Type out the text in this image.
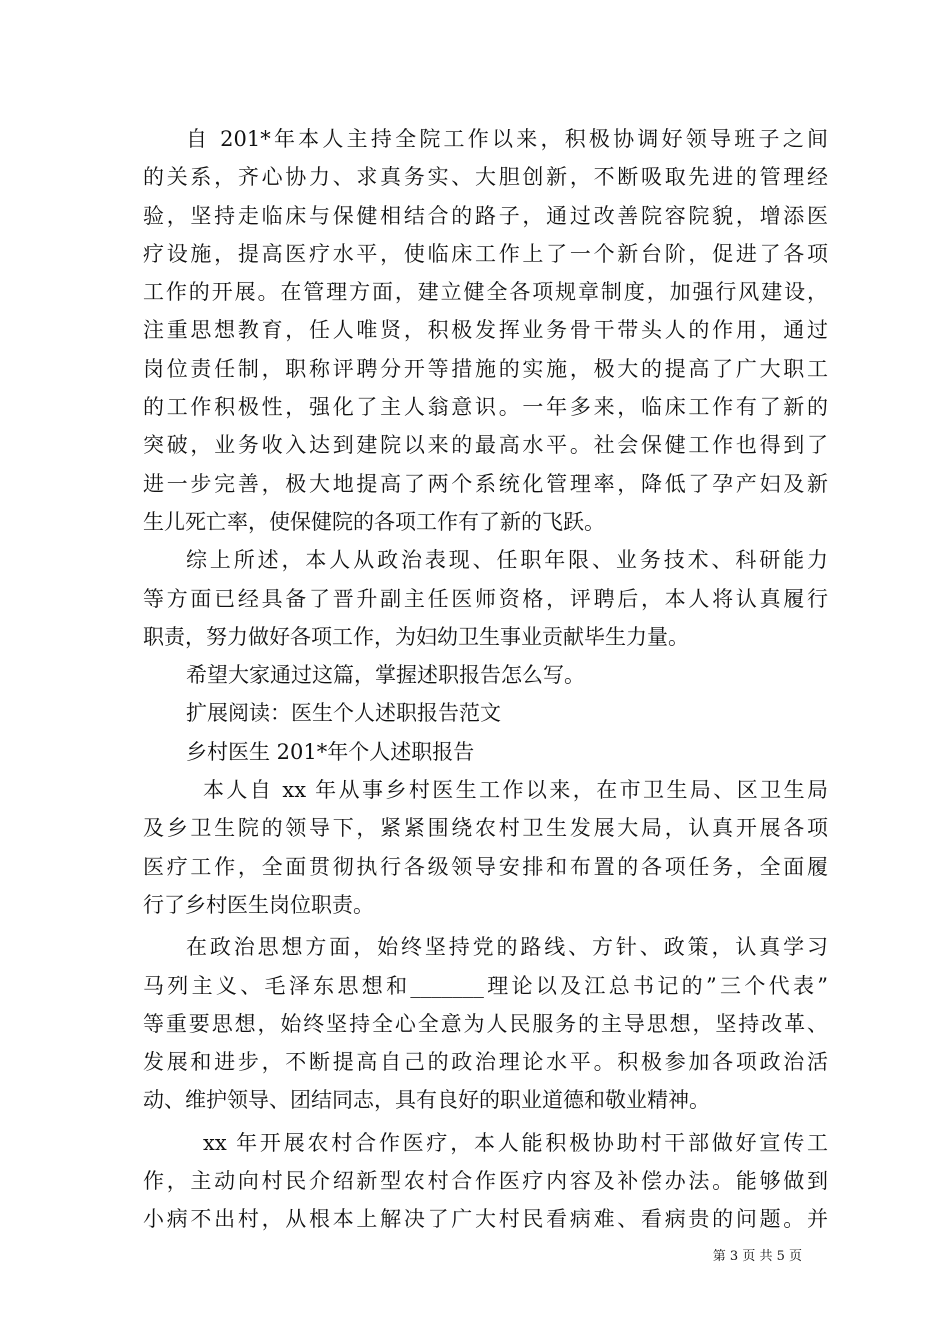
自 201*年本人主持全院工作以来，积极协调好领导班子之间
的关系，齐心协力、求真务实、大胆创新，不断吸取先进的管理经
验，坚持走临床与保健相结合的路子，通过改善院容院貌，增添医
疗设施，提高医疗水平，使临床工作上了一个新台阶，促进了各项
工作的开展。在管理方面，建立健全各项规章制度，加强行风建设，
注重思想教育，任人唯贤，积极发挥业务骨干带头人的作用，通过
岗位责任制，职称评聘分开等措施的实施，极大的提高了广大职工
的工作积极性，强化了主人翁意识。一年多来，临床工作有了新的
突破，业务收入达到建院以来的最高水平。社会保健工作也得到了
进一步完善，极大地提高了两个系统化管理率，降低了孕产妇及新
生儿死亡率，使保健院的各项工作有了新的飞跃。
综上所述，本人从政治表现、任职年限、业务技术、科研能力
等方面已经具备了晋升副主任医师资格，评聘后，本人将认真履行
职责，努力做好各项工作，为妇幼卫生事业贡献毕生力量。
希望大家通过这篇，掌握述职报告怎么写。
扩展阅读：医生个人述职报告范文
乡村医生 201*年个人述职报告
本人自 xx 年从事乡村医生工作以来，在市卫生局、区卫生局
及乡卫生院的领导下，紧紧围绕农村卫生发展大局，认真开展各项
医疗工作，全面贯彻执行各级领导安排和布置的各项任务，全面履
行了乡村医生岗位职责。
在政治思想方面，始终坚持党的路线、方针、政策，认真学习
马列主义、毛泽东思想和_______理论以及江总书记的”三个代表”
等重要思想，始终坚持全心全意为人民服务的主导思想，坚持改革、
发展和进步，不断提高自己的政治理论水平。积极参加各项政治活
动、维护领导、团结同志，具有良好的职业道德和敬业精神。
xx 年开展农村合作医疗，本人能积极协助村干部做好宣传工
作，主动向村民介绍新型农村合作医疗内容及补偿办法。能够做到
小病不出村，从根本上解决了广大村民看病难、看病贵的问题。并
第 3 页 共 5 页
